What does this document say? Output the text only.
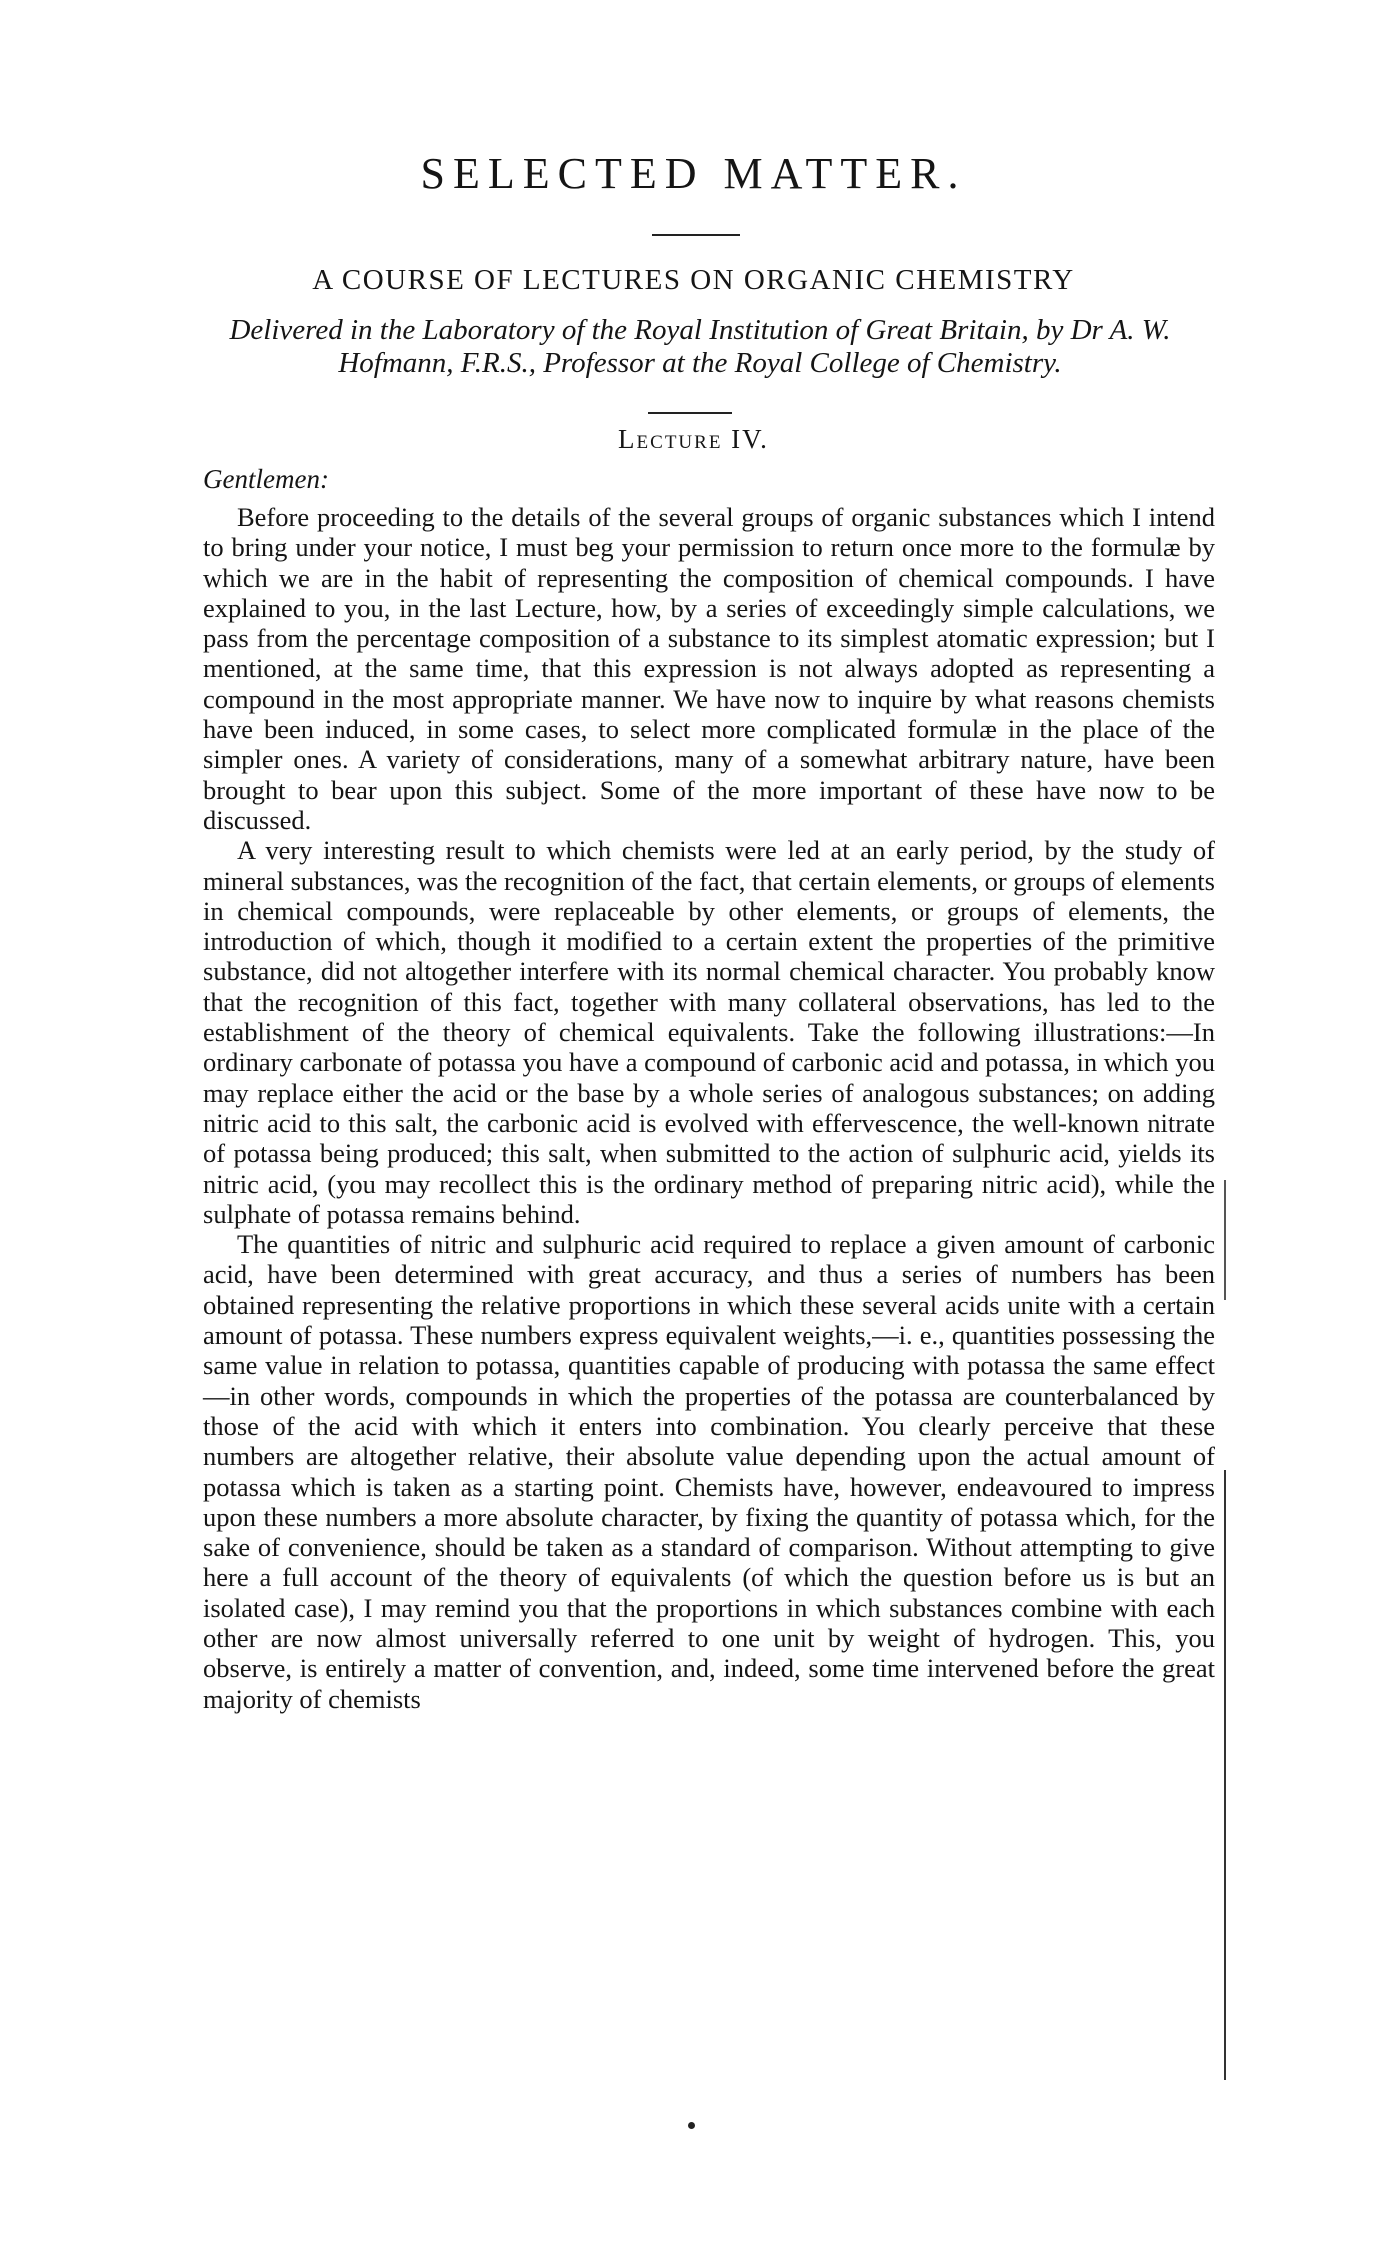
SELECTED MATTER.
A COURSE OF LECTURES ON ORGANIC CHEMISTRY
Delivered in the Laboratory of the Royal Institution of Great Britain, by Dr A. W. Hofmann, F.R.S., Professor at the Royal College of Chemistry.
Lecture IV.
Gentlemen:

Before proceeding to the details of the several groups of organic substances which I intend to bring under your notice, I must beg your permission to return once more to the formulæ by which we are in the habit of representing the composition of chemical compounds. I have explained to you, in the last Lecture, how, by a series of exceedingly simple calculations, we pass from the percentage composition of a substance to its simplest atomatic expression; but I mentioned, at the same time, that this expression is not always adopted as representing a compound in the most appropriate manner. We have now to inquire by what reasons chemists have been induced, in some cases, to select more complicated formulæ in the place of the simpler ones. A variety of considerations, many of a somewhat arbitrary nature, have been brought to bear upon this subject. Some of the more important of these have now to be discussed.

A very interesting result to which chemists were led at an early period, by the study of mineral substances, was the recognition of the fact, that certain elements, or groups of elements in chemical compounds, were replaceable by other elements, or groups of elements, the introduction of which, though it modified to a certain extent the properties of the primitive substance, did not altogether interfere with its normal chemical character. You probably know that the recognition of this fact, together with many collateral observations, has led to the establishment of the theory of chemical equivalents. Take the following illustrations:—In ordinary carbonate of potassa you have a compound of carbonic acid and potassa, in which you may replace either the acid or the base by a whole series of analogous substances; on adding nitric acid to this salt, the carbonic acid is evolved with effervescence, the well-known nitrate of potassa being produced; this salt, when submitted to the action of sulphuric acid, yields its nitric acid, (you may recollect this is the ordinary method of preparing nitric acid), while the sulphate of potassa remains behind.

The quantities of nitric and sulphuric acid required to replace a given amount of carbonic acid, have been determined with great accuracy, and thus a series of numbers has been obtained representing the relative proportions in which these several acids unite with a certain amount of potassa. These numbers express equivalent weights,—i. e., quantities possessing the same value in relation to potassa, quantities capable of producing with potassa the same effect—in other words, compounds in which the properties of the potassa are counterbalanced by those of the acid with which it enters into combination. You clearly perceive that these numbers are altogether relative, their absolute value depending upon the actual amount of potassa which is taken as a starting point. Chemists have, however, endeavoured to impress upon these numbers a more absolute character, by fixing the quantity of potassa which, for the sake of convenience, should be taken as a standard of comparison. Without attempting to give here a full account of the theory of equivalents (of which the question before us is but an isolated case), I may remind you that the proportions in which substances combine with each other are now almost universally referred to one unit by weight of hydrogen. This, you observe, is entirely a matter of convention, and, indeed, some time intervened before the great majority of chemists
